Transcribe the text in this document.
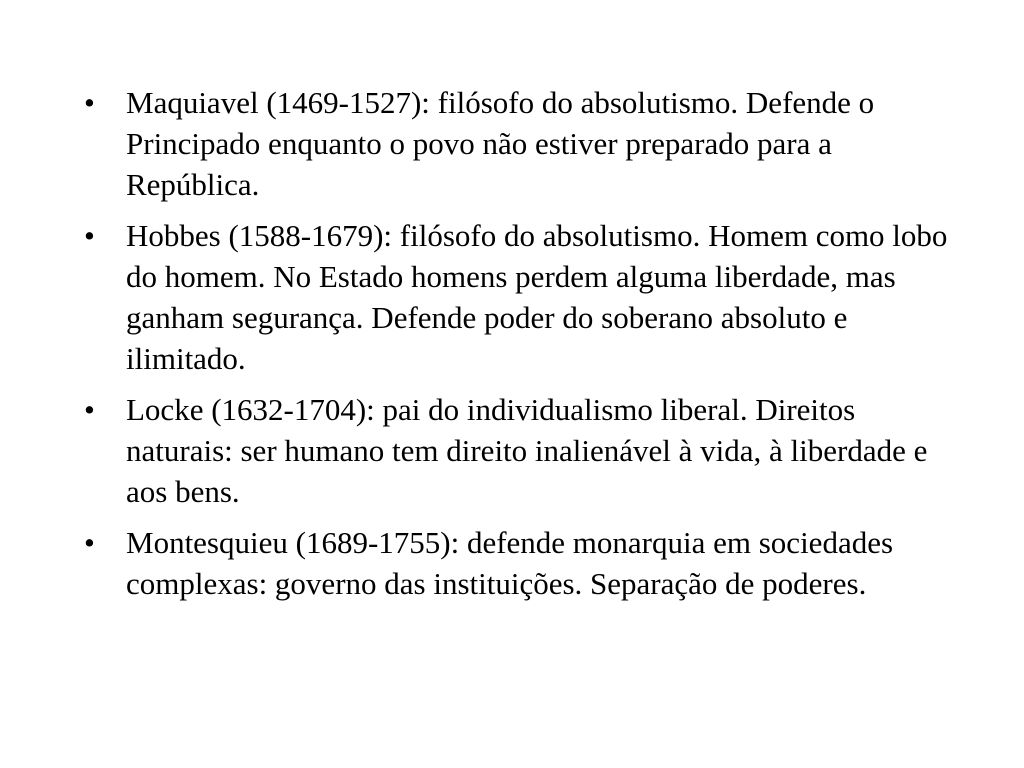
•	Maquiavel (1469-1527): filósofo do absolutismo. Defende o Principado enquanto o povo não estiver preparado para a República.
•	Hobbes (1588-1679): filósofo do absolutismo. Homem como lobo do homem. No Estado homens perdem alguma liberdade, mas ganham segurança. Defende poder do soberano absoluto e ilimitado.
•	Locke (1632-1704): pai do individualismo liberal. Direitos naturais: ser humano tem direito inalienável à vida, à liberdade e aos bens.
•	Montesquieu (1689-1755): defende monarquia em sociedades complexas: governo das instituições. Separação de poderes.
